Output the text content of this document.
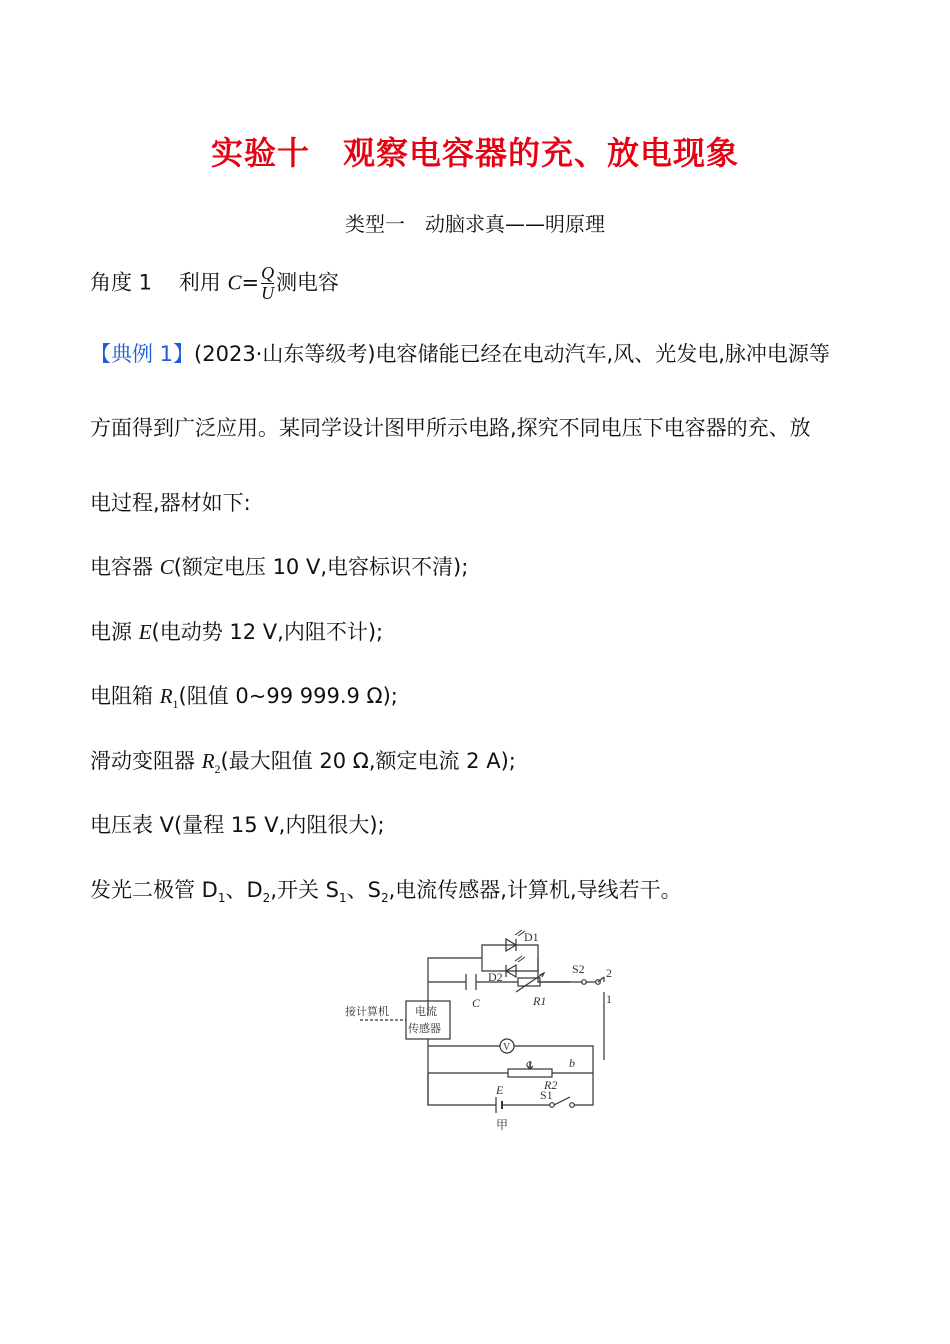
实验十　观察电容器的充、放电现象
类型一　动脑求真——明原理
角度 1 利用 $C= \frac{Q}{U}$ 测电容
【典例 1】(2023·山东等级考)电容储能已经在电动汽车,风、光发电,脉冲电源等
方面得到广泛应用。某同学设计图甲所示电路,探究不同电压下电容器的充、放
电过程,器材如下:
电容器 C(额定电压 10 V,电容标识不清);
电源 E(电动势 12 V,内阻不计);
电阻箱 $R_1$(阻值 0~99 999.9 Ω);
滑动变阻器 $R_2$(最大阻值 20 Ω,额定电流 2 A);
电压表 V(量程 15 V,内阻很大);
发光二极管 $D_1$、$D_2$,开关 $S_1$、$S_2$,电流传感器,计算机,导线若干。
D1
D2
S2 2
1
C	R1
接计算机 电流
传感器
V
a	b
R2
E	S1
甲
